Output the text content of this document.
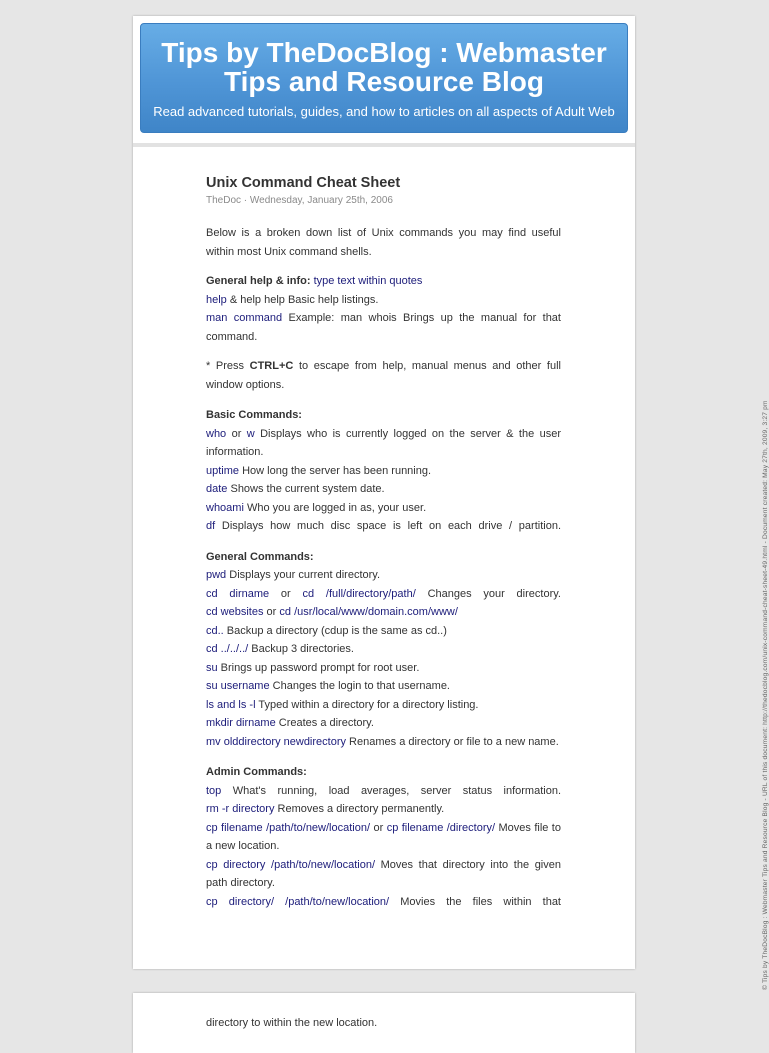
Tips by TheDocBlog : Webmaster Tips and Resource Blog
Read advanced tutorials, guides, and how to articles on all aspects of Adult Web
Unix Command Cheat Sheet
TheDoc · Wednesday, January 25th, 2006
Below is a broken down list of Unix commands you may find useful within most Unix command shells.
General help & info: type text within quotes
help & help help Basic help listings.
man command Example: man whois Brings up the manual for that command.
* Press CTRL+C to escape from help, manual menus and other full window options.
Basic Commands:
who or w Displays who is currently logged on the server & the user information.
uptime How long the server has been running.
date Shows the current system date.
whoami Who you are logged in as, your user.
df Displays how much disc space is left on each drive / partition.
General Commands:
pwd Displays your current directory.
cd dirname or cd /full/directory/path/ Changes your directory.
cd websites or cd /usr/local/www/domain.com/www/
cd.. Backup a directory (cdup is the same as cd..)
cd ../../../ Backup 3 directories.
su Brings up password prompt for root user.
su username Changes the login to that username.
ls and ls -l Typed within a directory for a directory listing.
mkdir dirname Creates a directory.
mv olddirectory newdirectory Renames a directory or file to a new name.
Admin Commands:
top What's running, load averages, server status information.
rm -r directory Removes a directory permanently.
cp filename /path/to/new/location/ or cp filename /directory/ Moves file to a new location.
cp directory /path/to/new/location/ Moves that directory into the given path directory.
cp directory/ /path/to/new/location/ Movies the files within that
directory to within the new location.
© Tips by TheDocBlog : Webmaster Tips and Resource Blog - URL of this document: http://thedocblog.com/unix-command-cheat-sheet-49.html - Document created: May 27th, 2009, 3:27 pm
